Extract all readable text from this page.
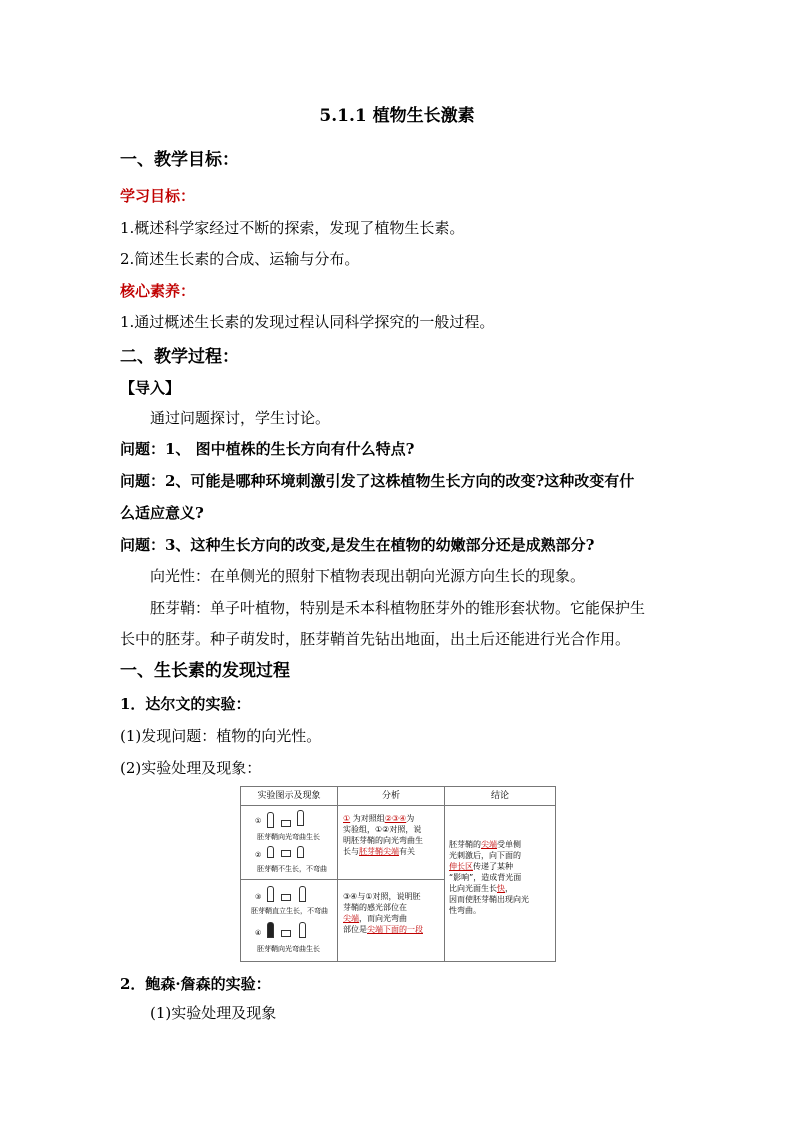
5.1.1 植物生长激素
一、教学目标：
学习目标：
1.概述科学家经过不断的探索，发现了植物生长素。
2.简述生长素的合成、运输与分布。
核心素养：
1.通过概述生长素的发现过程认同科学探究的一般过程。
二、教学过程：
【导入】
通过问题探讨，学生讨论。
问题：1、 图中植株的生长方向有什么特点?
问题：2、可能是哪种环境刺激引发了这株植物生长方向的改变?这种改变有什
么适应意义?
问题：3、这种生长方向的改变,是发生在植物的幼嫩部分还是成熟部分?
向光性：在单侧光的照射下植物表现出朝向光源方向生长的现象。
胚芽鞘：单子叶植物，特别是禾本科植物胚芽外的锥形套状物。它能保护生
长中的胚芽。种子萌发时，胚芽鞘首先钻出地面，出土后还能进行光合作用。
一、生长素的发现过程
1．达尔文的实验：
(1)发现问题：植物的向光性。
(2)实验处理及现象：
实验图示及现象	分析	结论
①
胚芽鞘向光弯曲生长
②
胚芽鞘不生长，不弯曲
③
胚芽鞘直立生长，不弯曲
④
胚芽鞘向光弯曲生长
① 为对照组②③④为
实验组，①②对照，说
明胚芽鞘的向光弯曲生
长与胚芽鞘尖端有关
③④与①对照，说明胚
芽鞘的感光部位在
尖端，而向光弯曲
部位是尖端下面的一段
胚芽鞘的尖端受单侧
光刺激后，向下面的
伸长区传递了某种
“影响”，造成背光面
比向光面生长快，
因而使胚芽鞘出现向光
性弯曲。
2．鲍森·詹森的实验：
(1)实验处理及现象
